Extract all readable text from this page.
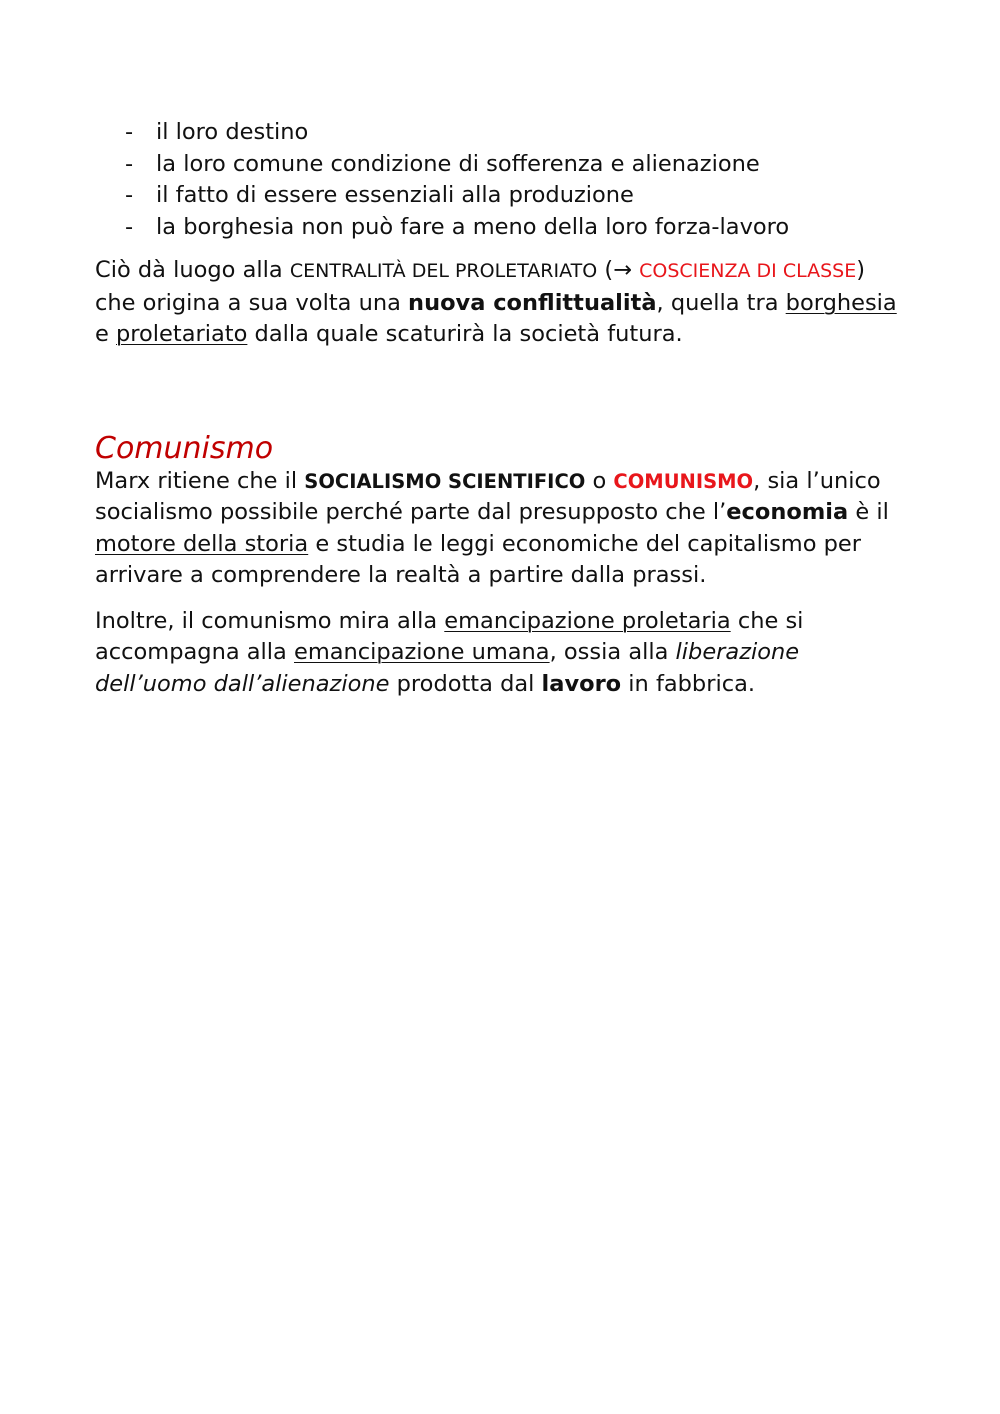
- il loro destino
- la loro comune condizione di sofferenza e alienazione
- il fatto di essere essenziali alla produzione
- la borghesia non può fare a meno della loro forza-lavoro

Ciò dà luogo alla CENTRALITÀ DEL PROLETARIATO (→ COSCIENZA DI CLASSE) che origina a sua volta una nuova conflittualità, quella tra borghesia e proletariato dalla quale scaturirà la società futura.

Comunismo

Marx ritiene che il SOCIALISMO SCIENTIFICO o COMUNISMO, sia l’unico socialismo possibile perché parte dal presupposto che l’economia è il motore della storia e studia le leggi economiche del capitalismo per arrivare a comprendere la realtà a partire dalla prassi.

Inoltre, il comunismo mira alla emancipazione proletaria che si accompagna alla emancipazione umana, ossia alla liberazione dell’uomo dall’alienazione prodotta dal lavoro in fabbrica.
